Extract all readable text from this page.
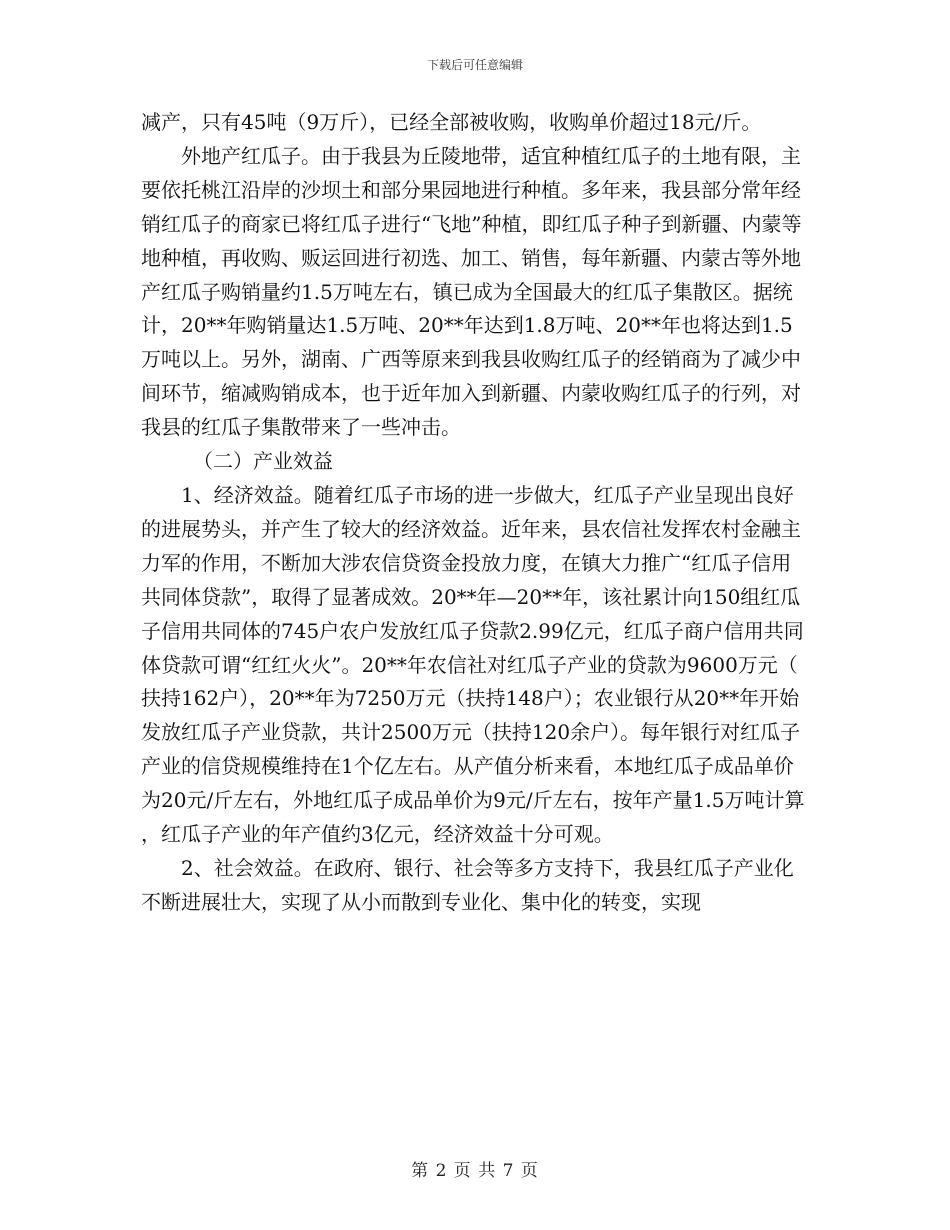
下载后可任意编辑

减产，只有45吨（9万斤），已经全部被收购，收购单价超过18元/斤。

外地产红瓜子。由于我县为丘陵地带，适宜种植红瓜子的土地有限，主要依托桃江沿岸的沙坝土和部分果园地进行种植。多年来，我县部分常年经销红瓜子的商家已将红瓜子进行“飞地”种植，即红瓜子种子到新疆、内蒙等地种植，再收购、贩运回进行初选、加工、销售，每年新疆、内蒙古等外地产红瓜子购销量约1.5万吨左右，镇已成为全国最大的红瓜子集散区。据统计，20**年购销量达1.5万吨、20**年达到1.8万吨、20**年也将达到1.5万吨以上。另外，湖南、广西等原来到我县收购红瓜子的经销商为了减少中间环节，缩减购销成本，也于近年加入到新疆、内蒙收购红瓜子的行列，对我县的红瓜子集散带来了一些冲击。

（二）产业效益

1、经济效益。随着红瓜子市场的进一步做大，红瓜子产业呈现出良好的进展势头，并产生了较大的经济效益。近年来，县农信社发挥农村金融主力军的作用，不断加大涉农信贷资金投放力度，在镇大力推广“红瓜子信用共同体贷款”，取得了显著成效。20**年—20**年，该社累计向150组红瓜子信用共同体的745户农户发放红瓜子贷款2.99亿元，红瓜子商户信用共同体贷款可谓“红红火火”。20**年农信社对红瓜子产业的贷款为9600万元（扶持162户），20**年为7250万元（扶持148户）；农业银行从20**年开始发放红瓜子产业贷款，共计2500万元（扶持120余户）。每年银行对红瓜子产业的信贷规模维持在1个亿左右。从产值分析来看，本地红瓜子成品单价为20元/斤左右，外地红瓜子成品单价为9元/斤左右，按年产量1.5万吨计算，红瓜子产业的年产值约3亿元，经济效益十分可观。

2、社会效益。在政府、银行、社会等多方支持下，我县红瓜子产业化不断进展壮大，实现了从小而散到专业化、集中化的转变，实现

第 2 页 共 7 页
